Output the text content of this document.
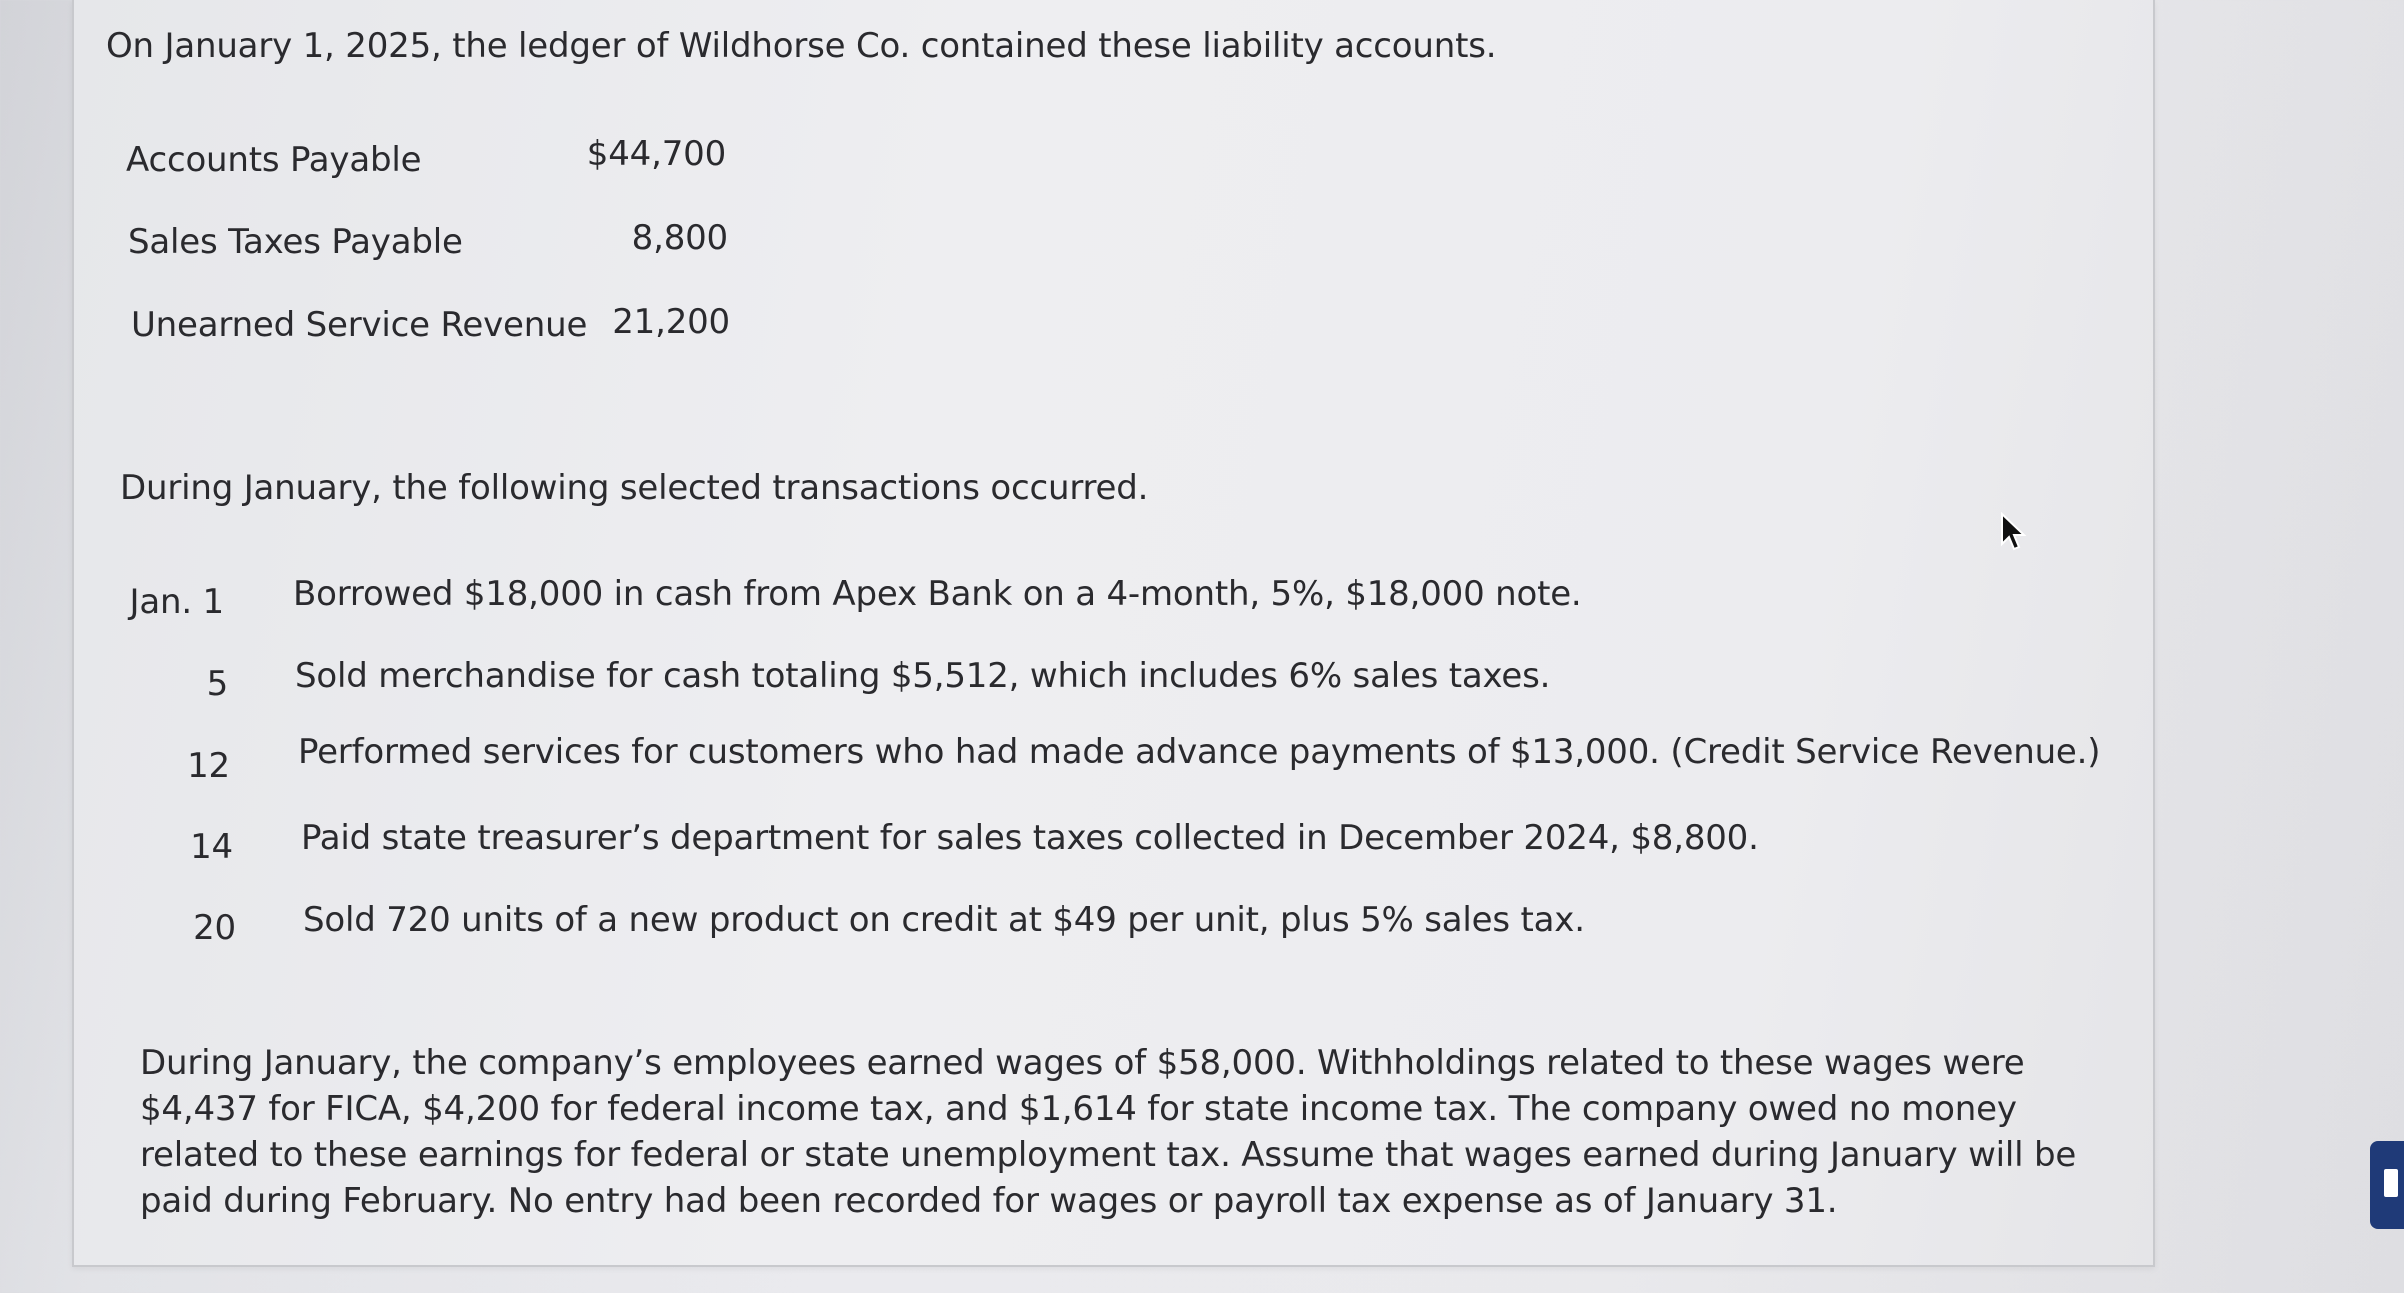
On January 1, 2025, the ledger of Wildhorse Co. contained these liability accounts.
Accounts Payable	$44,700
Sales Taxes Payable	8,800
Unearned Service Revenue 21,200
During January, the following selected transactions occurred.
Jan. 1 Borrowed $18,000 in cash from Apex Bank on a 4-month, 5%, $18,000 note.
5 Sold merchandise for cash totaling $5,512, which includes 6% sales taxes.
12 Performed services for customers who had made advance payments of $13,000. (Credit Service Revenue.)
14 Paid state treasurer’s department for sales taxes collected in December 2024, $8,800.
20 Sold 720 units of a new product on credit at $49 per unit, plus 5% sales tax.
During January, the company’s employees earned wages of $58,000. Withholdings related to these wages were $4,437 for FICA, $4,200 for federal income tax, and $1,614 for state income tax. The company owed no money related to these earnings for federal or state unemployment tax. Assume that wages earned during January will be paid during February. No entry had been recorded for wages or payroll tax expense as of January 31.
